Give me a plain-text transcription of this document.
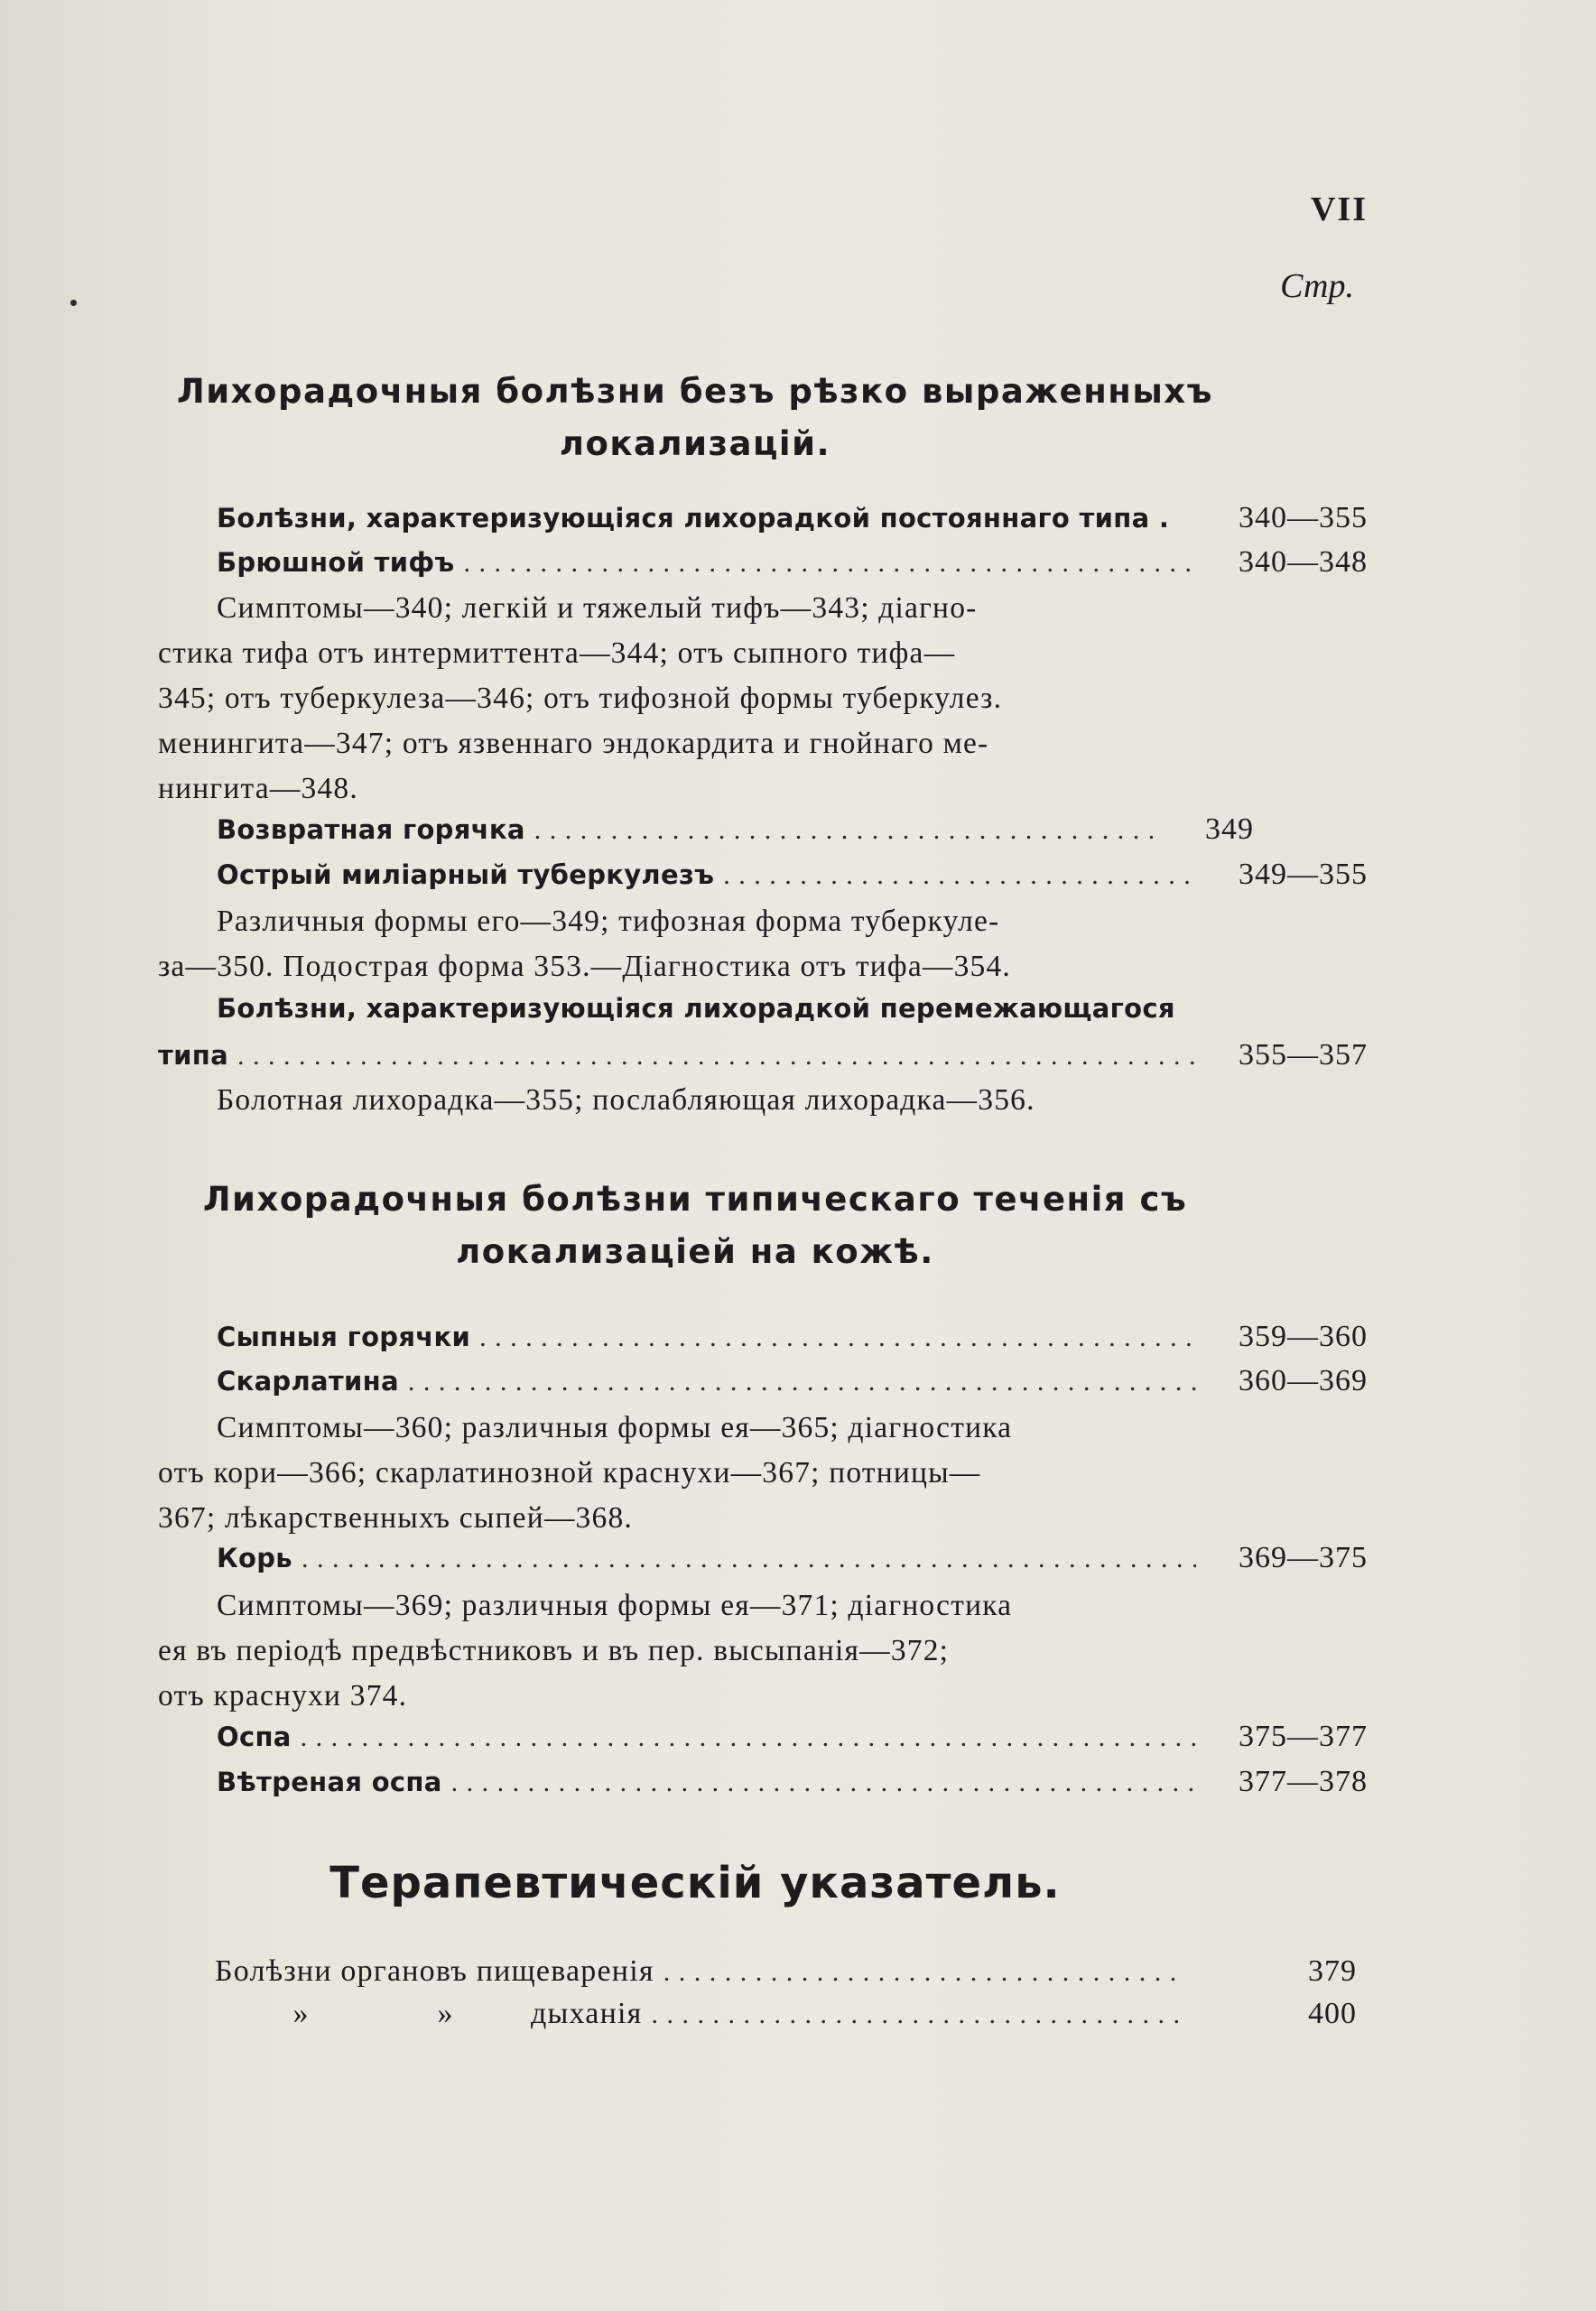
VII
Стр.
Лихорадочныя болѣзни безъ рѣзко выраженныхъ
локализацій.
Болѣзни, характеризующіяся лихорадкой постояннаго типа .	340—355
Брюшной тифъ . . .	340—348
Симптомы—340; легкій и тяжелый тифъ—343; діагно-
стика тифа отъ интермиттента—344; отъ сыпного тифа—
345; отъ туберкулеза—346; отъ тифозной формы туберкулез.
менингита—347; отъ язвеннаго эндокардита и гнойнаго ме-
нингита—348.
Возвратная горячка . . .	349
Острый миліарный туберкулезъ . . .	349—355
Различныя формы его—349; тифозная форма туберкуле-
за—350. Подострая форма 353.—Діагностика отъ тифа—354.
Болѣзни, характеризующіяся лихорадкой перемежающагося
типа . . .	355—357
Болотная лихорадка—355; послабляющая лихорадка—356.
Лихорадочныя болѣзни типическаго теченія съ
локализаціей на кожѣ.
Сыпныя горячки . . .	359—360
Скарлатина . . .	360—369
Симптомы—360; различныя формы ея—365; діагностика
отъ кори—366; скарлатинозной краснухи—367; потницы—
367; лѣкарственныхъ сыпей—368.
Корь . . .	369—375
Симптомы—369; различныя формы ея—371; діагностика
ея въ періодѣ предвѣстниковъ и въ пер. высыпанія—372;
отъ краснухи 374.
Оспа . . .	375—377
Вѣтреная оспа . . .	377—378
Терапевтическій указатель.
Болѣзни органовъ пищеваренія . . .	379
»	»	дыханія . . .	400
